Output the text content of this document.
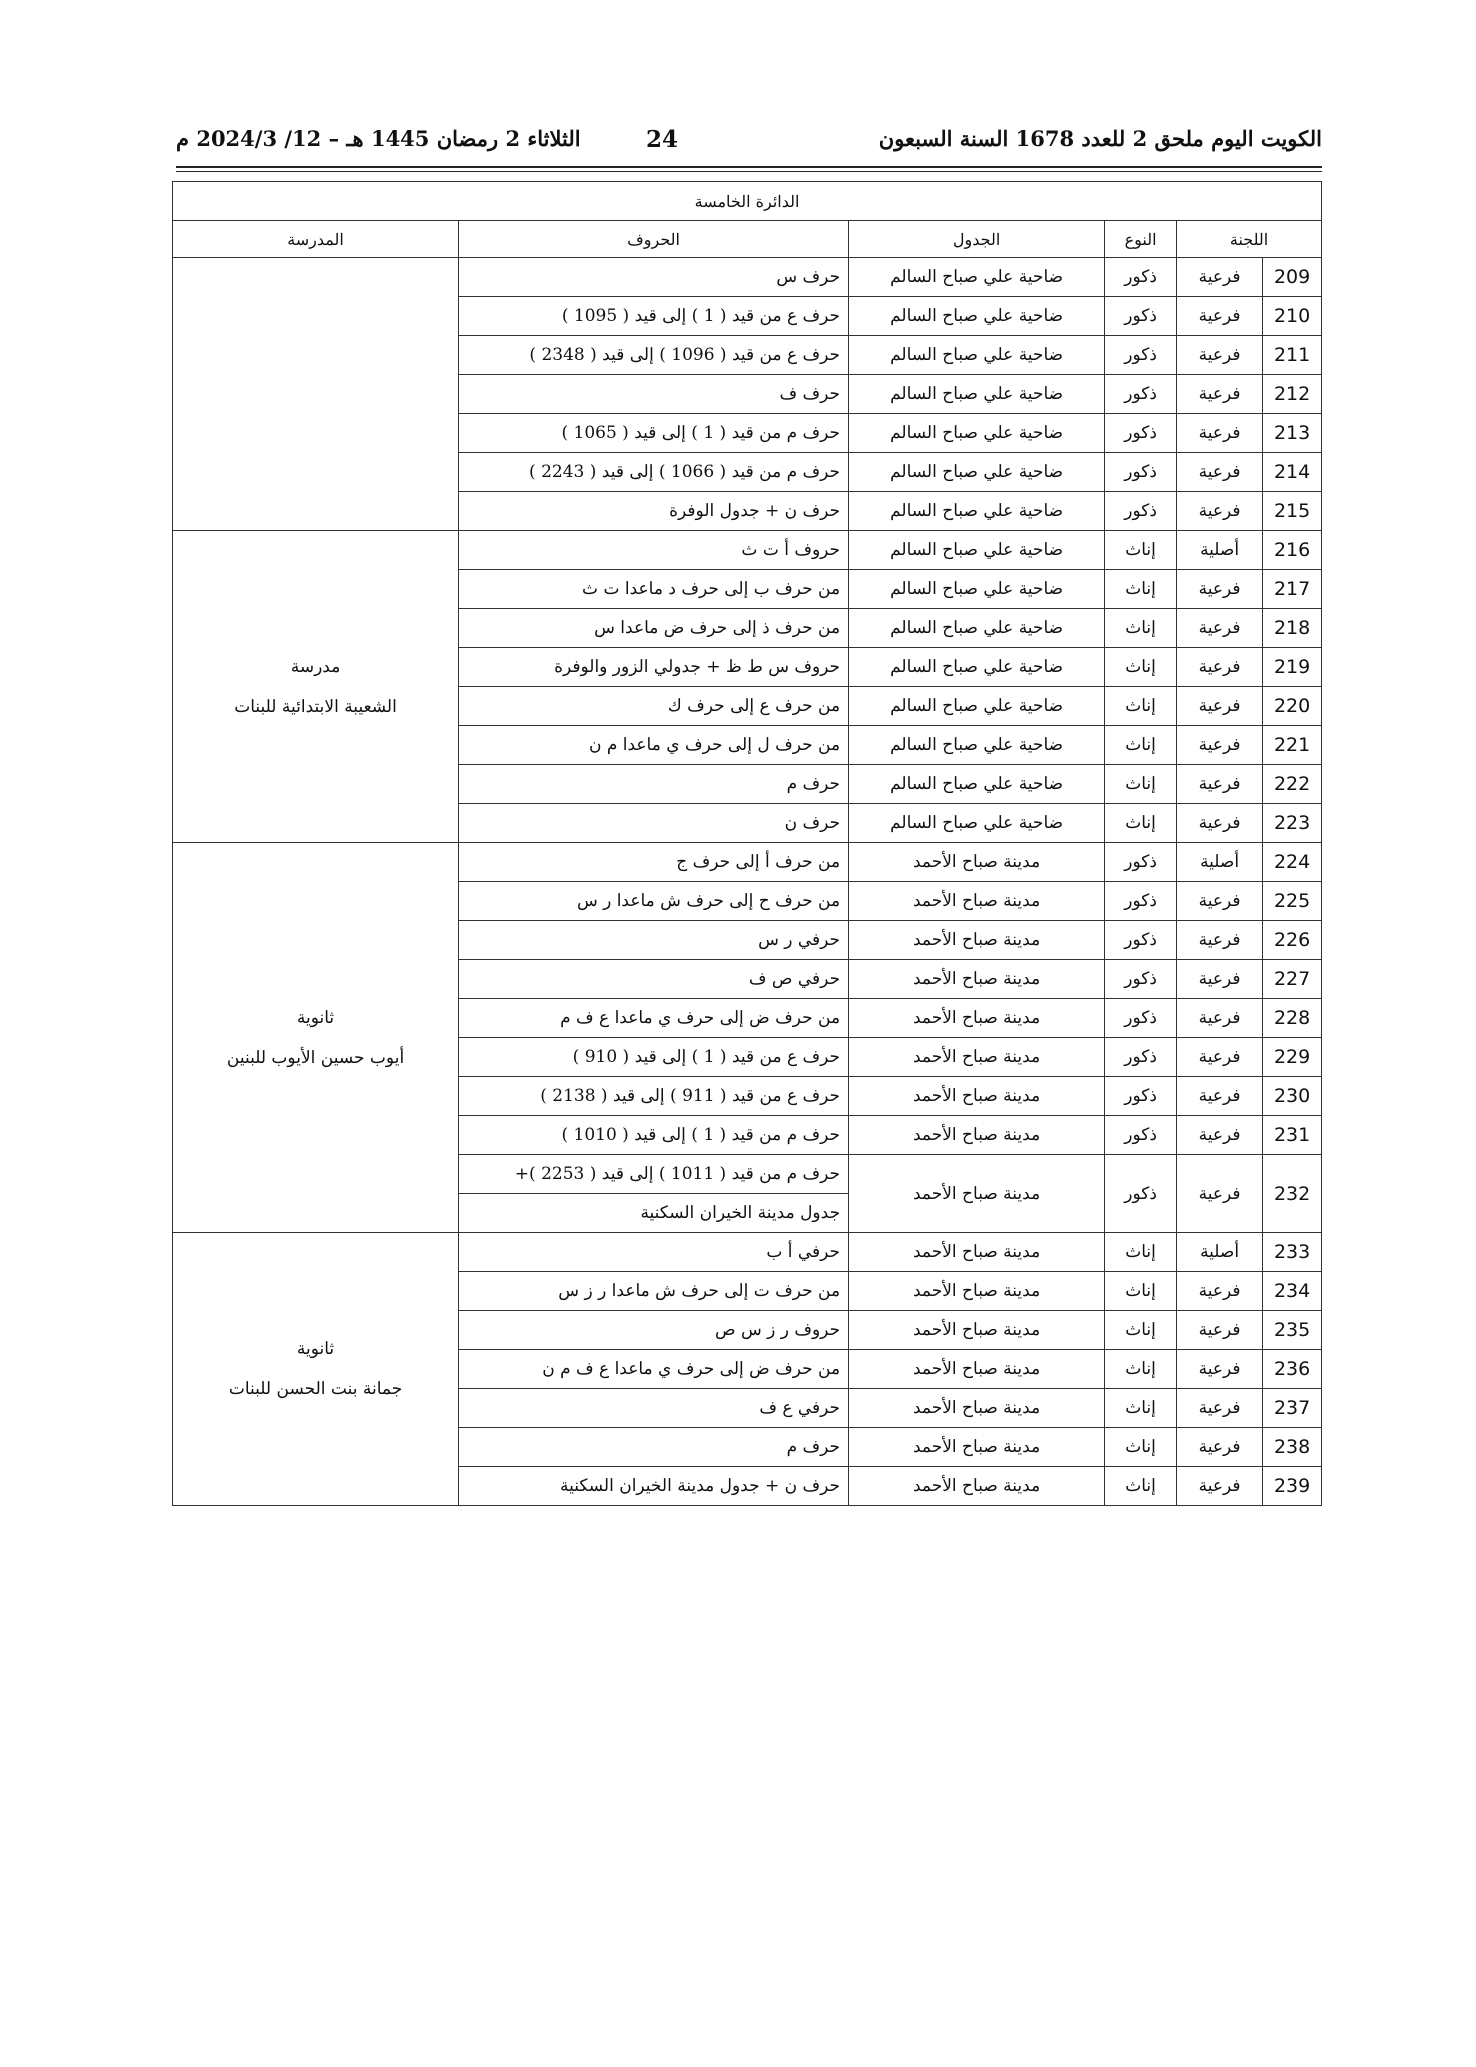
الكويت اليوم ملحق 2 للعدد 1678 السنة السبعون
24
الثلاثاء 2 رمضان 1445 هـ – 12/ 2024/3 م
الدائرة الخامسة					
اللجنة		النوع	الجدول	الحروف	المدرسة
209	فرعية	ذكور	ضاحية علي صباح السالم	حرف س	

210	فرعية	ذكور	ضاحية علي صباح السالم	حرف ع من قيد ( 1 ) إلى قيد ( 1095 )	
211	فرعية	ذكور	ضاحية علي صباح السالم	حرف ع من قيد ( 1096 ) إلى قيد ( 2348 )	
212	فرعية	ذكور	ضاحية علي صباح السالم	حرف ف	
213	فرعية	ذكور	ضاحية علي صباح السالم	حرف م من قيد ( 1 ) إلى قيد ( 1065 )	
214	فرعية	ذكور	ضاحية علي صباح السالم	حرف م من قيد ( 1066 ) إلى قيد ( 2243 )	
215	فرعية	ذكور	ضاحية علي صباح السالم	حرف ن + جدول الوفرة	
216	أصلية	إناث	ضاحية علي صباح السالم	حروف أ ت ث	مدرسة
الشعيبة الابتدائية للبنات

217	فرعية	إناث	ضاحية علي صباح السالم	من حرف ب إلى حرف د ماعدا ت ث	
218	فرعية	إناث	ضاحية علي صباح السالم	من حرف ذ إلى حرف ض ماعدا س	
219	فرعية	إناث	ضاحية علي صباح السالم	حروف س ط ظ + جدولي الزور والوفرة	
220	فرعية	إناث	ضاحية علي صباح السالم	من حرف ع إلى حرف ك	
221	فرعية	إناث	ضاحية علي صباح السالم	من حرف ل إلى حرف ي ماعدا م ن	
222	فرعية	إناث	ضاحية علي صباح السالم	حرف م	
223	فرعية	إناث	ضاحية علي صباح السالم	حرف ن	
224	أصلية	ذكور	مدينة صباح الأحمد	من حرف أ إلى حرف ج	ثانوية
أيوب حسين الأيوب للبنين

225	فرعية	ذكور	مدينة صباح الأحمد	من حرف ح إلى حرف ش ماعدا ر س	
226	فرعية	ذكور	مدينة صباح الأحمد	حرفي ر س	
227	فرعية	ذكور	مدينة صباح الأحمد	حرفي ص ف	
228	فرعية	ذكور	مدينة صباح الأحمد	من حرف ض إلى حرف ي ماعدا ع ف م	
229	فرعية	ذكور	مدينة صباح الأحمد	حرف ع من قيد ( 1 ) إلى قيد ( 910 )	
230	فرعية	ذكور	مدينة صباح الأحمد	حرف ع من قيد ( 911 ) إلى قيد ( 2138 )	
231	فرعية	ذكور	مدينة صباح الأحمد	حرف م من قيد ( 1 ) إلى قيد ( 1010 )	
232	فرعية	ذكور	مدينة صباح الأحمد	حرف م من قيد ( 1011 ) إلى قيد ( 2253 )+	
				جدول مدينة الخيران السكنية	
233	أصلية	إناث	مدينة صباح الأحمد	حرفي أ ب	ثانوية
جمانة بنت الحسن للبنات

234	فرعية	إناث	مدينة صباح الأحمد	من حرف ت إلى حرف ش ماعدا ر ز س	
235	فرعية	إناث	مدينة صباح الأحمد	حروف ر ز س ص	
236	فرعية	إناث	مدينة صباح الأحمد	من حرف ض إلى حرف ي ماعدا ع ف م ن	
237	فرعية	إناث	مدينة صباح الأحمد	حرفي ع ف	
238	فرعية	إناث	مدينة صباح الأحمد	حرف م	
239	فرعية	إناث	مدينة صباح الأحمد	حرف ن + جدول مدينة الخيران السكنية	
